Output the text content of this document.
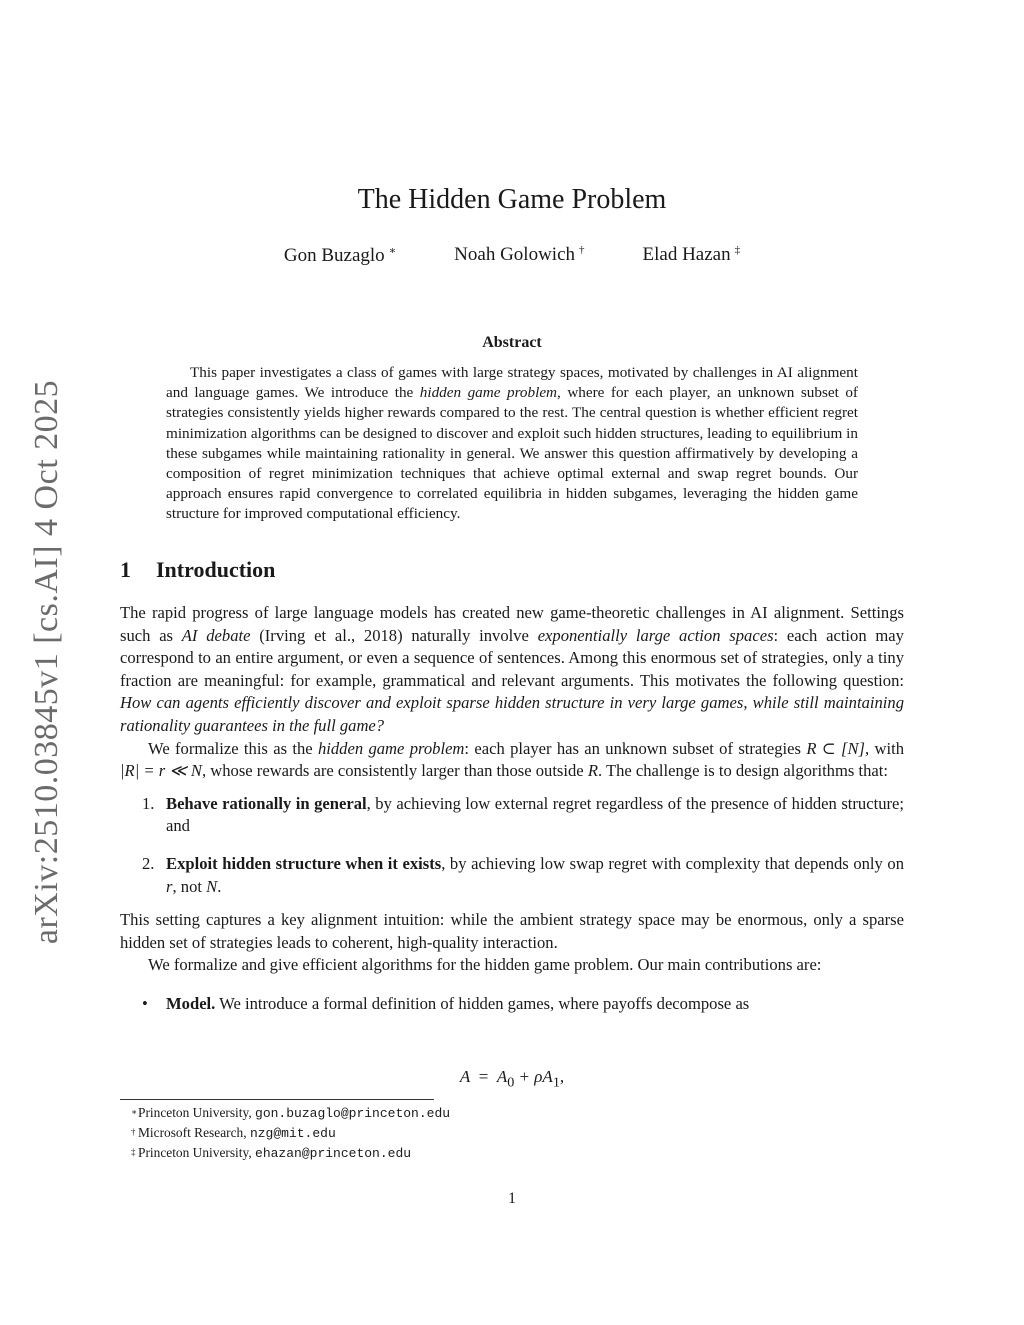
arXiv:2510.03845v1 [cs.AI] 4 Oct 2025
The Hidden Game Problem
Gon Buzaglo ∗	Noah Golowich †	Elad Hazan ‡
Abstract

This paper investigates a class of games with large strategy spaces, motivated by challenges in AI alignment and language games. We introduce the hidden game problem, where for each player, an unknown subset of strategies consistently yields higher rewards compared to the rest. The central question is whether efficient regret minimization algorithms can be designed to discover and exploit such hidden structures, leading to equilibrium in these subgames while maintaining rationality in general. We answer this question affirmatively by developing a composition of regret minimization techniques that achieve optimal external and swap regret bounds. Our approach ensures rapid convergence to correlated equilibria in hidden subgames, leveraging the hidden game structure for improved computational efficiency.

1 Introduction

The rapid progress of large language models has created new game-theoretic challenges in AI alignment. Settings such as AI debate (Irving et al., 2018) naturally involve exponentially large action spaces: each action may correspond to an entire argument, or even a sequence of sentences. Among this enormous set of strategies, only a tiny fraction are meaningful: for example, grammatical and relevant arguments. This motivates the following question: How can agents efficiently discover and exploit sparse hidden structure in very large games, while still maintaining rationality guarantees in the full game?

We formalize this as the hidden game problem: each player has an unknown subset of strategies R ⊂ [N], with |R| = r ≪ N, whose rewards are consistently larger than those outside R. The challenge is to design algorithms that:

1. Behave rationally in general, by achieving low external regret regardless of the presence of hidden structure; and
2. Exploit hidden structure when it exists, by achieving low swap regret with complexity that depends only on r, not N.

This setting captures a key alignment intuition: while the ambient strategy space may be enormous, only a sparse hidden set of strategies leads to coherent, high-quality interaction.

We formalize and give efficient algorithms for the hidden game problem. Our main contributions are:

• Model. We introduce a formal definition of hidden games, where payoffs decompose as
$A = A_0 + \rho A_1$,
∗ Princeton University, gon.buzaglo@princeton.edu
† Microsoft Research, nzg@mit.edu
‡ Princeton University, ehazan@princeton.edu
1
